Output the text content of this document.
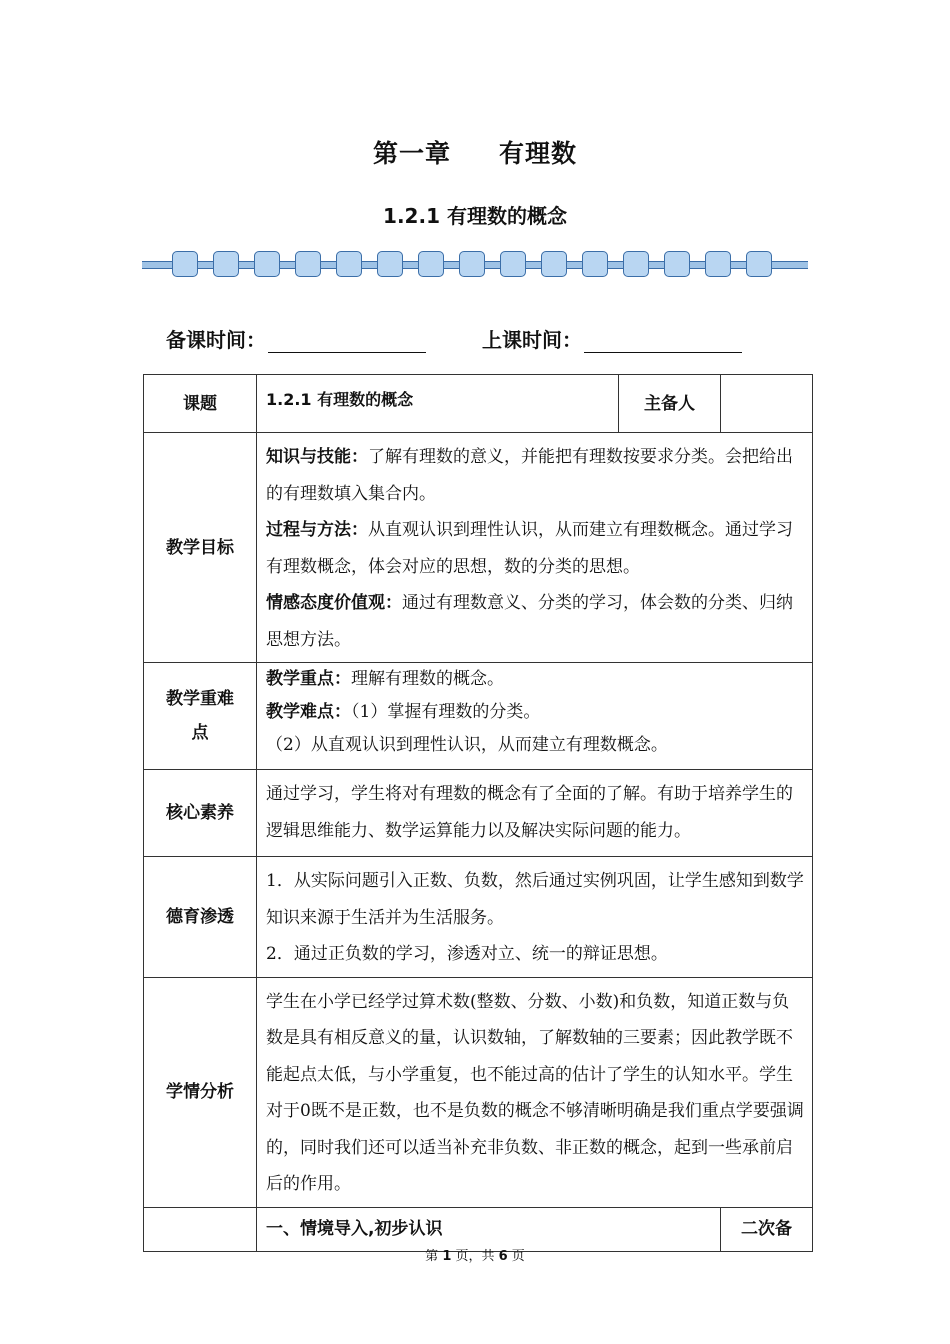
第一章 有理数
1.2.1 有理数的概念
备课时间：	上课时间：
课题	1.2.1 有理数的概念	主备人	
教学目标	知识与技能：了解有理数的意义，并能把有理数按要求分类。会把给出的有理数填入集合内。

过程与方法：从直观认识到理性认识，从而建立有理数概念。通过学习有理数概念，体会对应的思想，数的分类的思想。

情感态度价值观：通过有理数意义、分类的学习，体会数的分类、归纳思想方法。		

教学重难点	教学重点：理解有理数的概念。

教学难点：（1）掌握有理数的分类。

（2）从直观认识到理性认识，从而建立有理数概念。		

核心素养	通过学习，学生将对有理数的概念有了全面的了解。有助于培养学生的逻辑思维能力、数学运算能力以及解决实际问题的能力。		
德育渗透	1．从实际问题引入正数、负数，然后通过实例巩固，让学生感知到数学知识来源于生活并为生活服务。

2．通过正负数的学习，渗透对立、统一的辩证思想。		

学情分析	学生在小学已经学过算术数(整数、分数、小数)和负数，知道正数与负数是具有相反意义的量，认识数轴，了解数轴的三要素；因此教学既不能起点太低，与小学重复，也不能过高的估计了学生的认知水平。学生对于0既不是正数，也不是负数的概念不够清晰明确是我们重点学要强调的，同时我们还可以适当补充非负数、非正数的概念，起到一些承前启后的作用。		
	一、情境导入,初步认识		二次备
第 1 页，共 6 页
